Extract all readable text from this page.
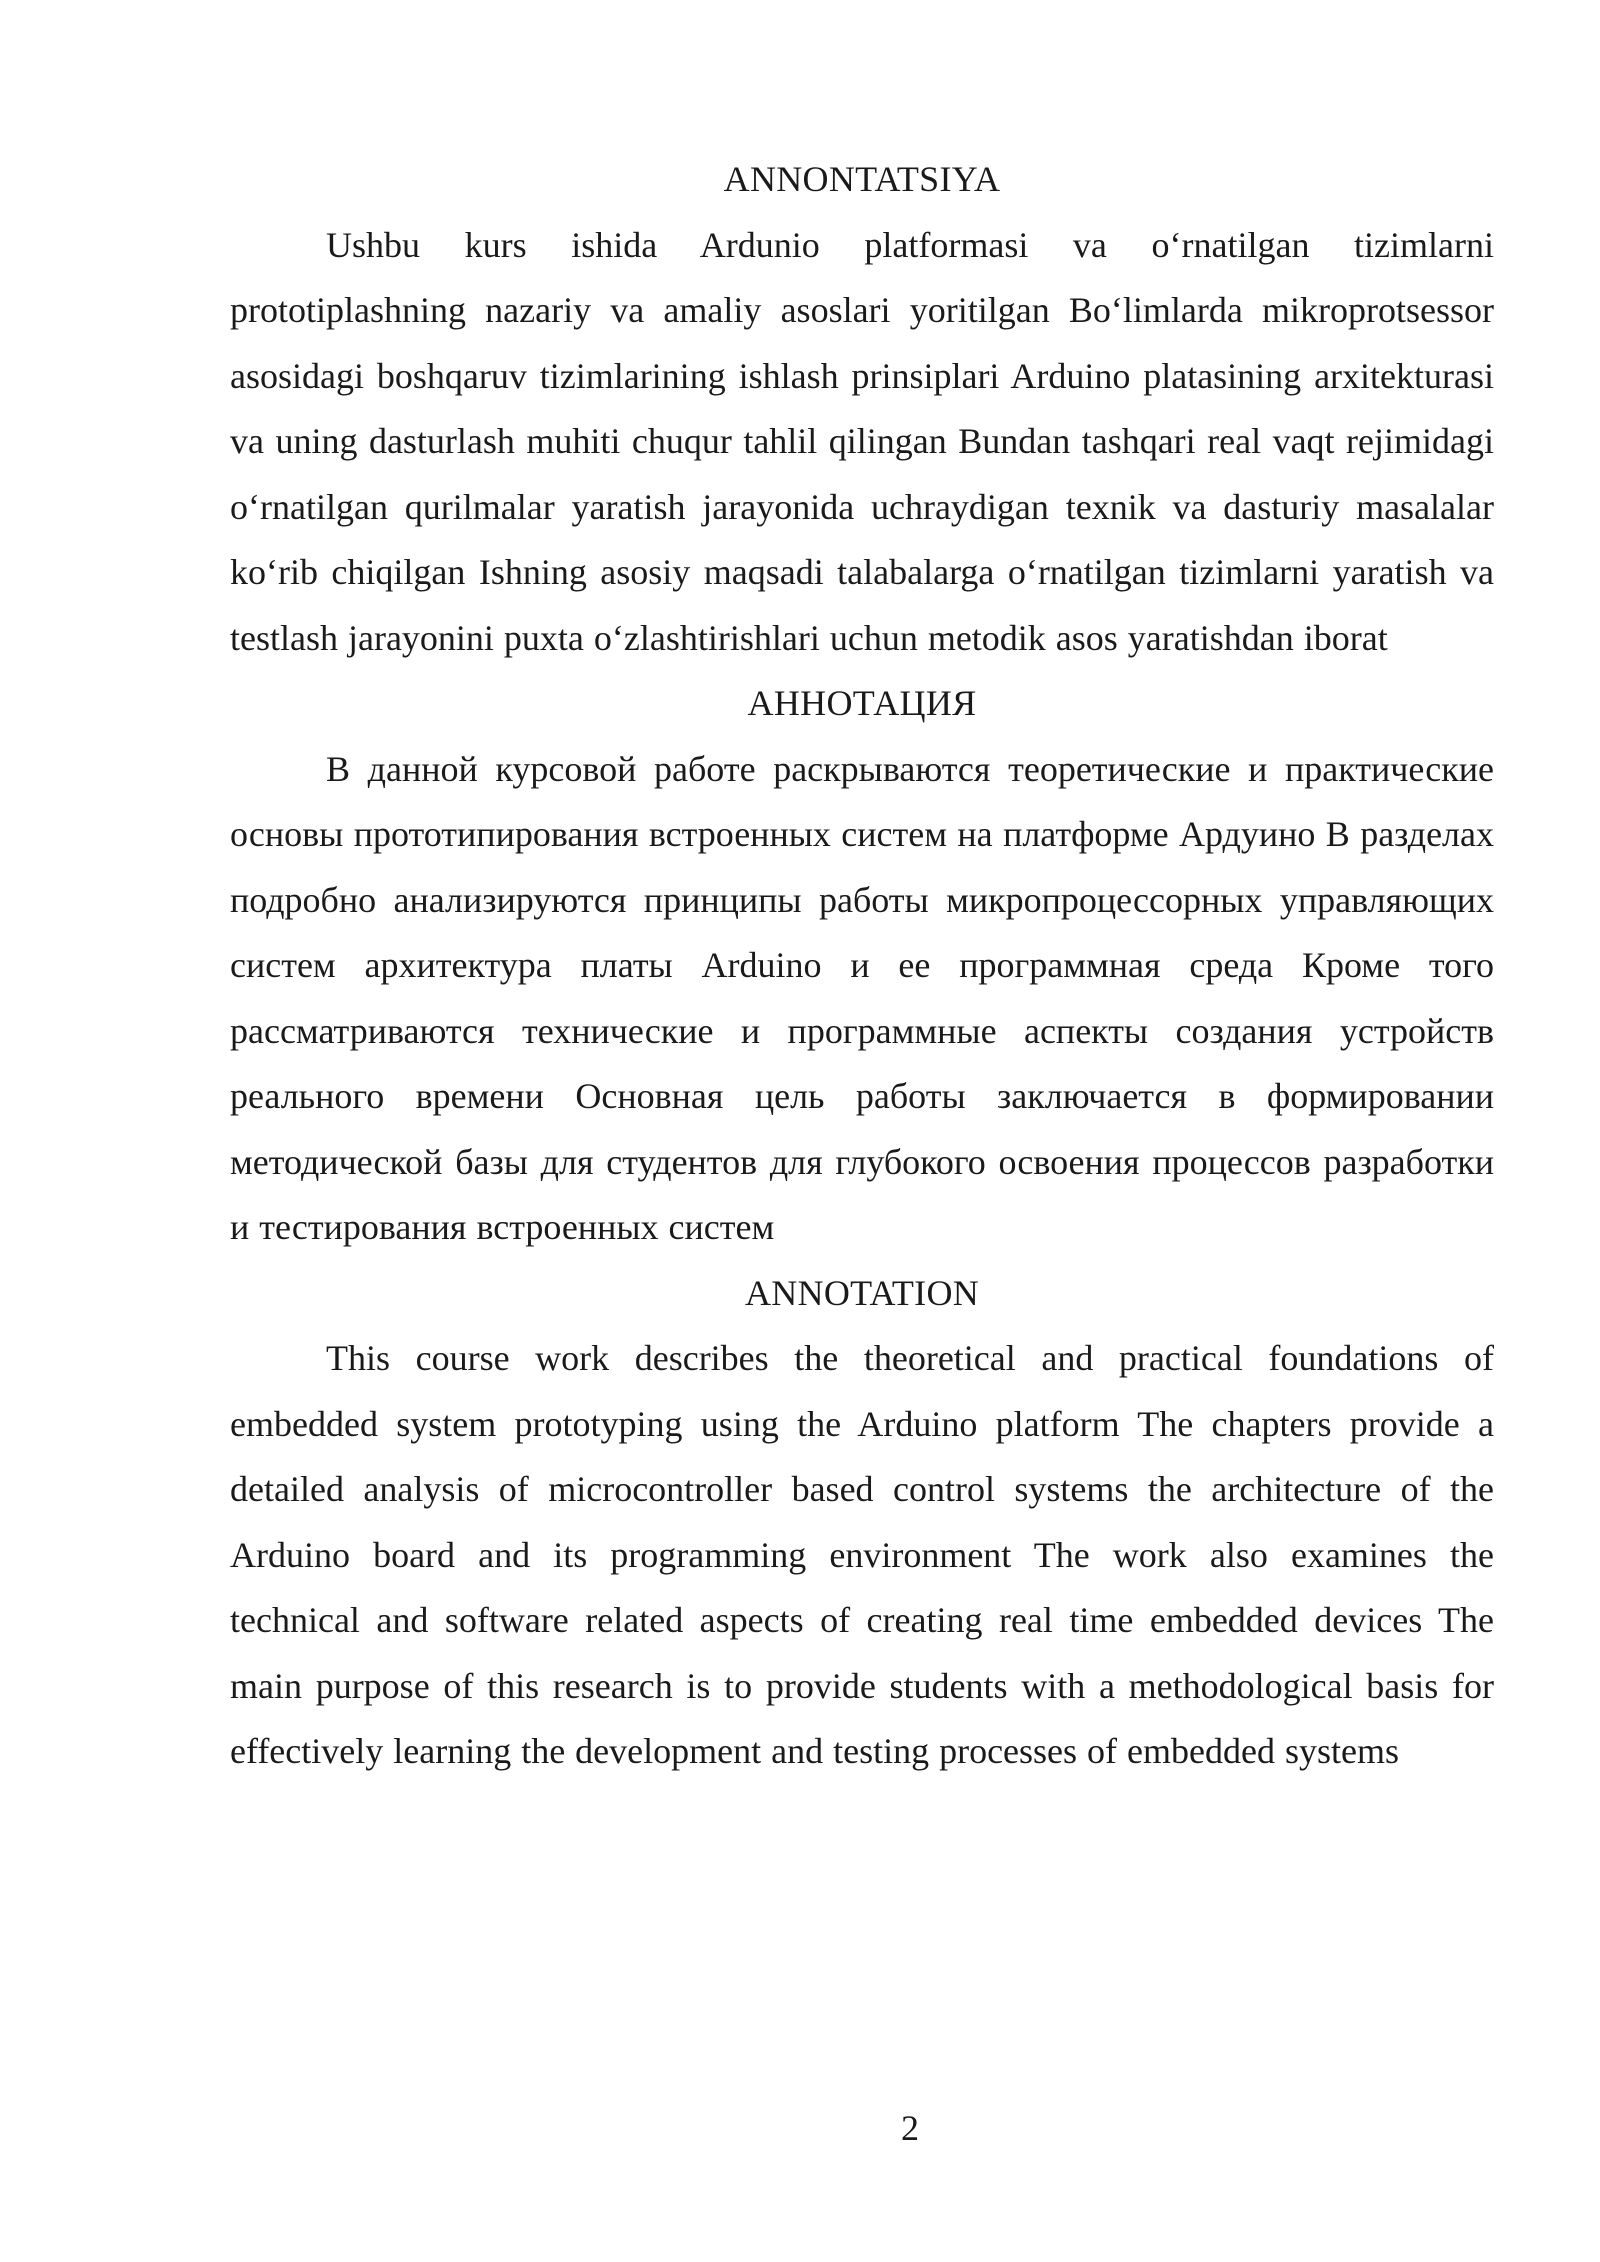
ANNONTATSIYA

Ushbu kurs ishida Ardunio platformasi va o‘rnatilgan tizimlarni prototiplashning nazariy va amaliy asoslari yoritilgan Bo‘limlarda mikroprotsessor asosidagi boshqaruv tizimlarining ishlash prinsiplari Arduino platasining arxitekturasi va uning dasturlash muhiti chuqur tahlil qilingan Bundan tashqari real vaqt rejimidagi o‘rnatilgan qurilmalar yaratish jarayonida uchraydigan texnik va dasturiy masalalar ko‘rib chiqilgan Ishning asosiy maqsadi talabalarga o‘rnatilgan tizimlarni yaratish va testlash jarayonini puxta o‘zlashtirishlari uchun metodik asos yaratishdan iborat

АННОТАЦИЯ

В данной курсовой работе раскрываются теоретические и практические основы прототипирования встроенных систем на платформе Ардуино В разделах подробно анализируются принципы работы микропроцессорных управляющих систем архитектура платы Arduino и ее программная среда Кроме того рассматриваются технические и программные аспекты создания устройств реального времени Основная цель работы заключается в формировании методической базы для студентов для глубокого освоения процессов разработки и тестирования встроенных систем

ANNOTATION

This course work describes the theoretical and practical foundations of embedded system prototyping using the Arduino platform The chapters provide a detailed analysis of microcontroller based control systems the architecture of the Arduino board and its programming environment The work also examines the technical and software related aspects of creating real time embedded devices The main purpose of this research is to provide students with a methodological basis for effectively learning the development and testing processes of embedded systems

2
